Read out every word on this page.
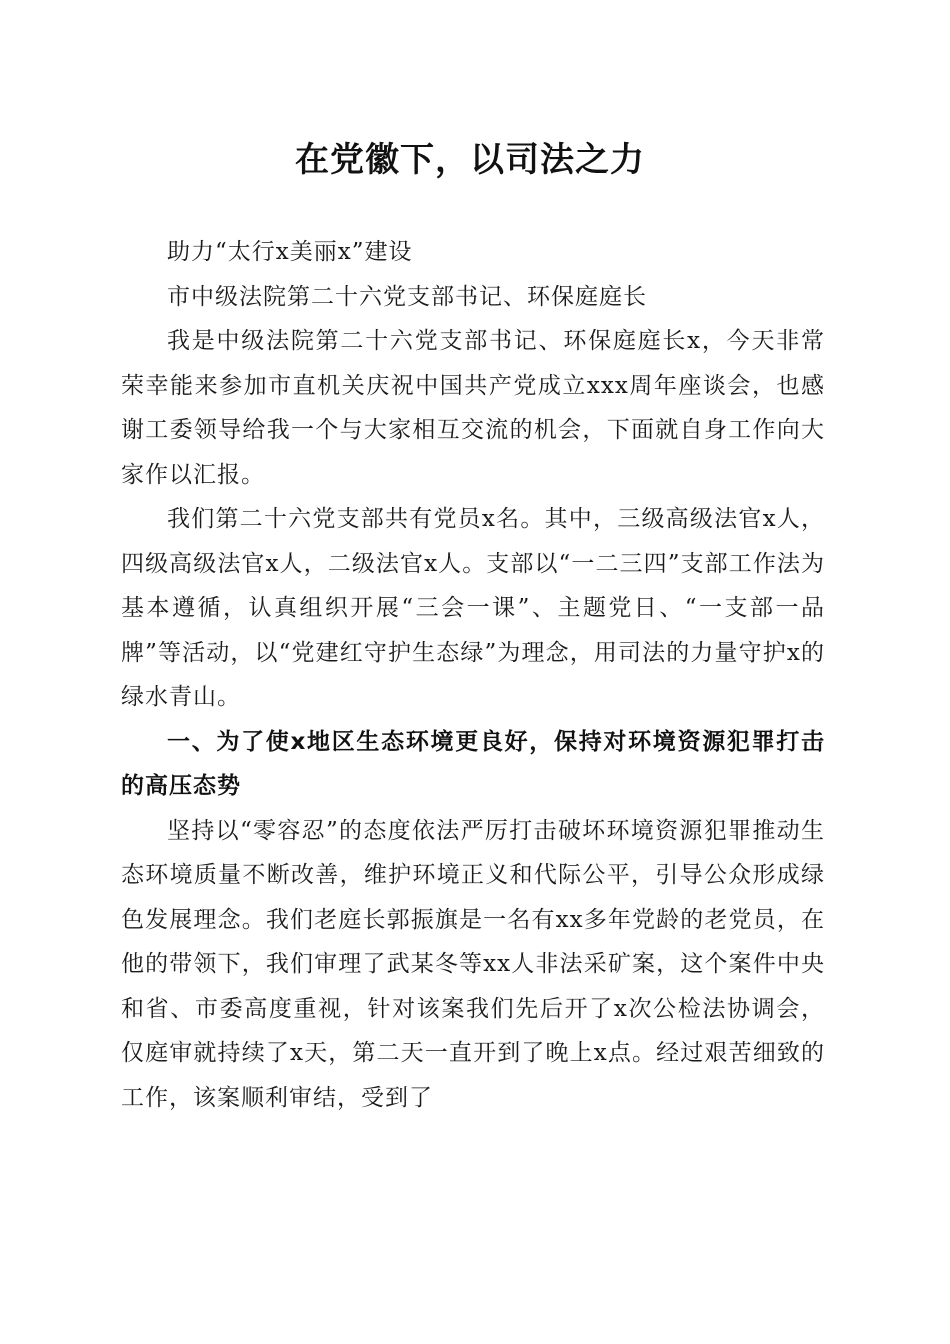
在党徽下，以司法之力

助力“太行x美丽x”建设

市中级法院第二十六党支部书记、环保庭庭长

我是中级法院第二十六党支部书记、环保庭庭长x，今天非常荣幸能来参加市直机关庆祝中国共产党成立xxx周年座谈会，也感谢工委领导给我一个与大家相互交流的机会，下面就自身工作向大家作以汇报。

我们第二十六党支部共有党员x名。其中，三级高级法官x人，四级高级法官x人，二级法官x人。支部以“一二三四”支部工作法为基本遵循，认真组织开展“三会一课”、主题党日、“一支部一品牌”等活动，以“党建红守护生态绿”为理念，用司法的力量守护x的绿水青山。

一、为了使x地区生态环境更良好，保持对环境资源犯罪打击的高压态势

坚持以“零容忍”的态度依法严厉打击破坏环境资源犯罪推动生态环境质量不断改善，维护环境正义和代际公平，引导公众形成绿色发展理念。我们老庭长郭振旗是一名有xx多年党龄的老党员，在他的带领下，我们审理了武某冬等xx人非法采矿案，这个案件中央和省、市委高度重视，针对该案我们先后开了x次公检法协调会，仅庭审就持续了x天，第二天一直开到了晚上x点。经过艰苦细致的工作，该案顺利审结，受到了
